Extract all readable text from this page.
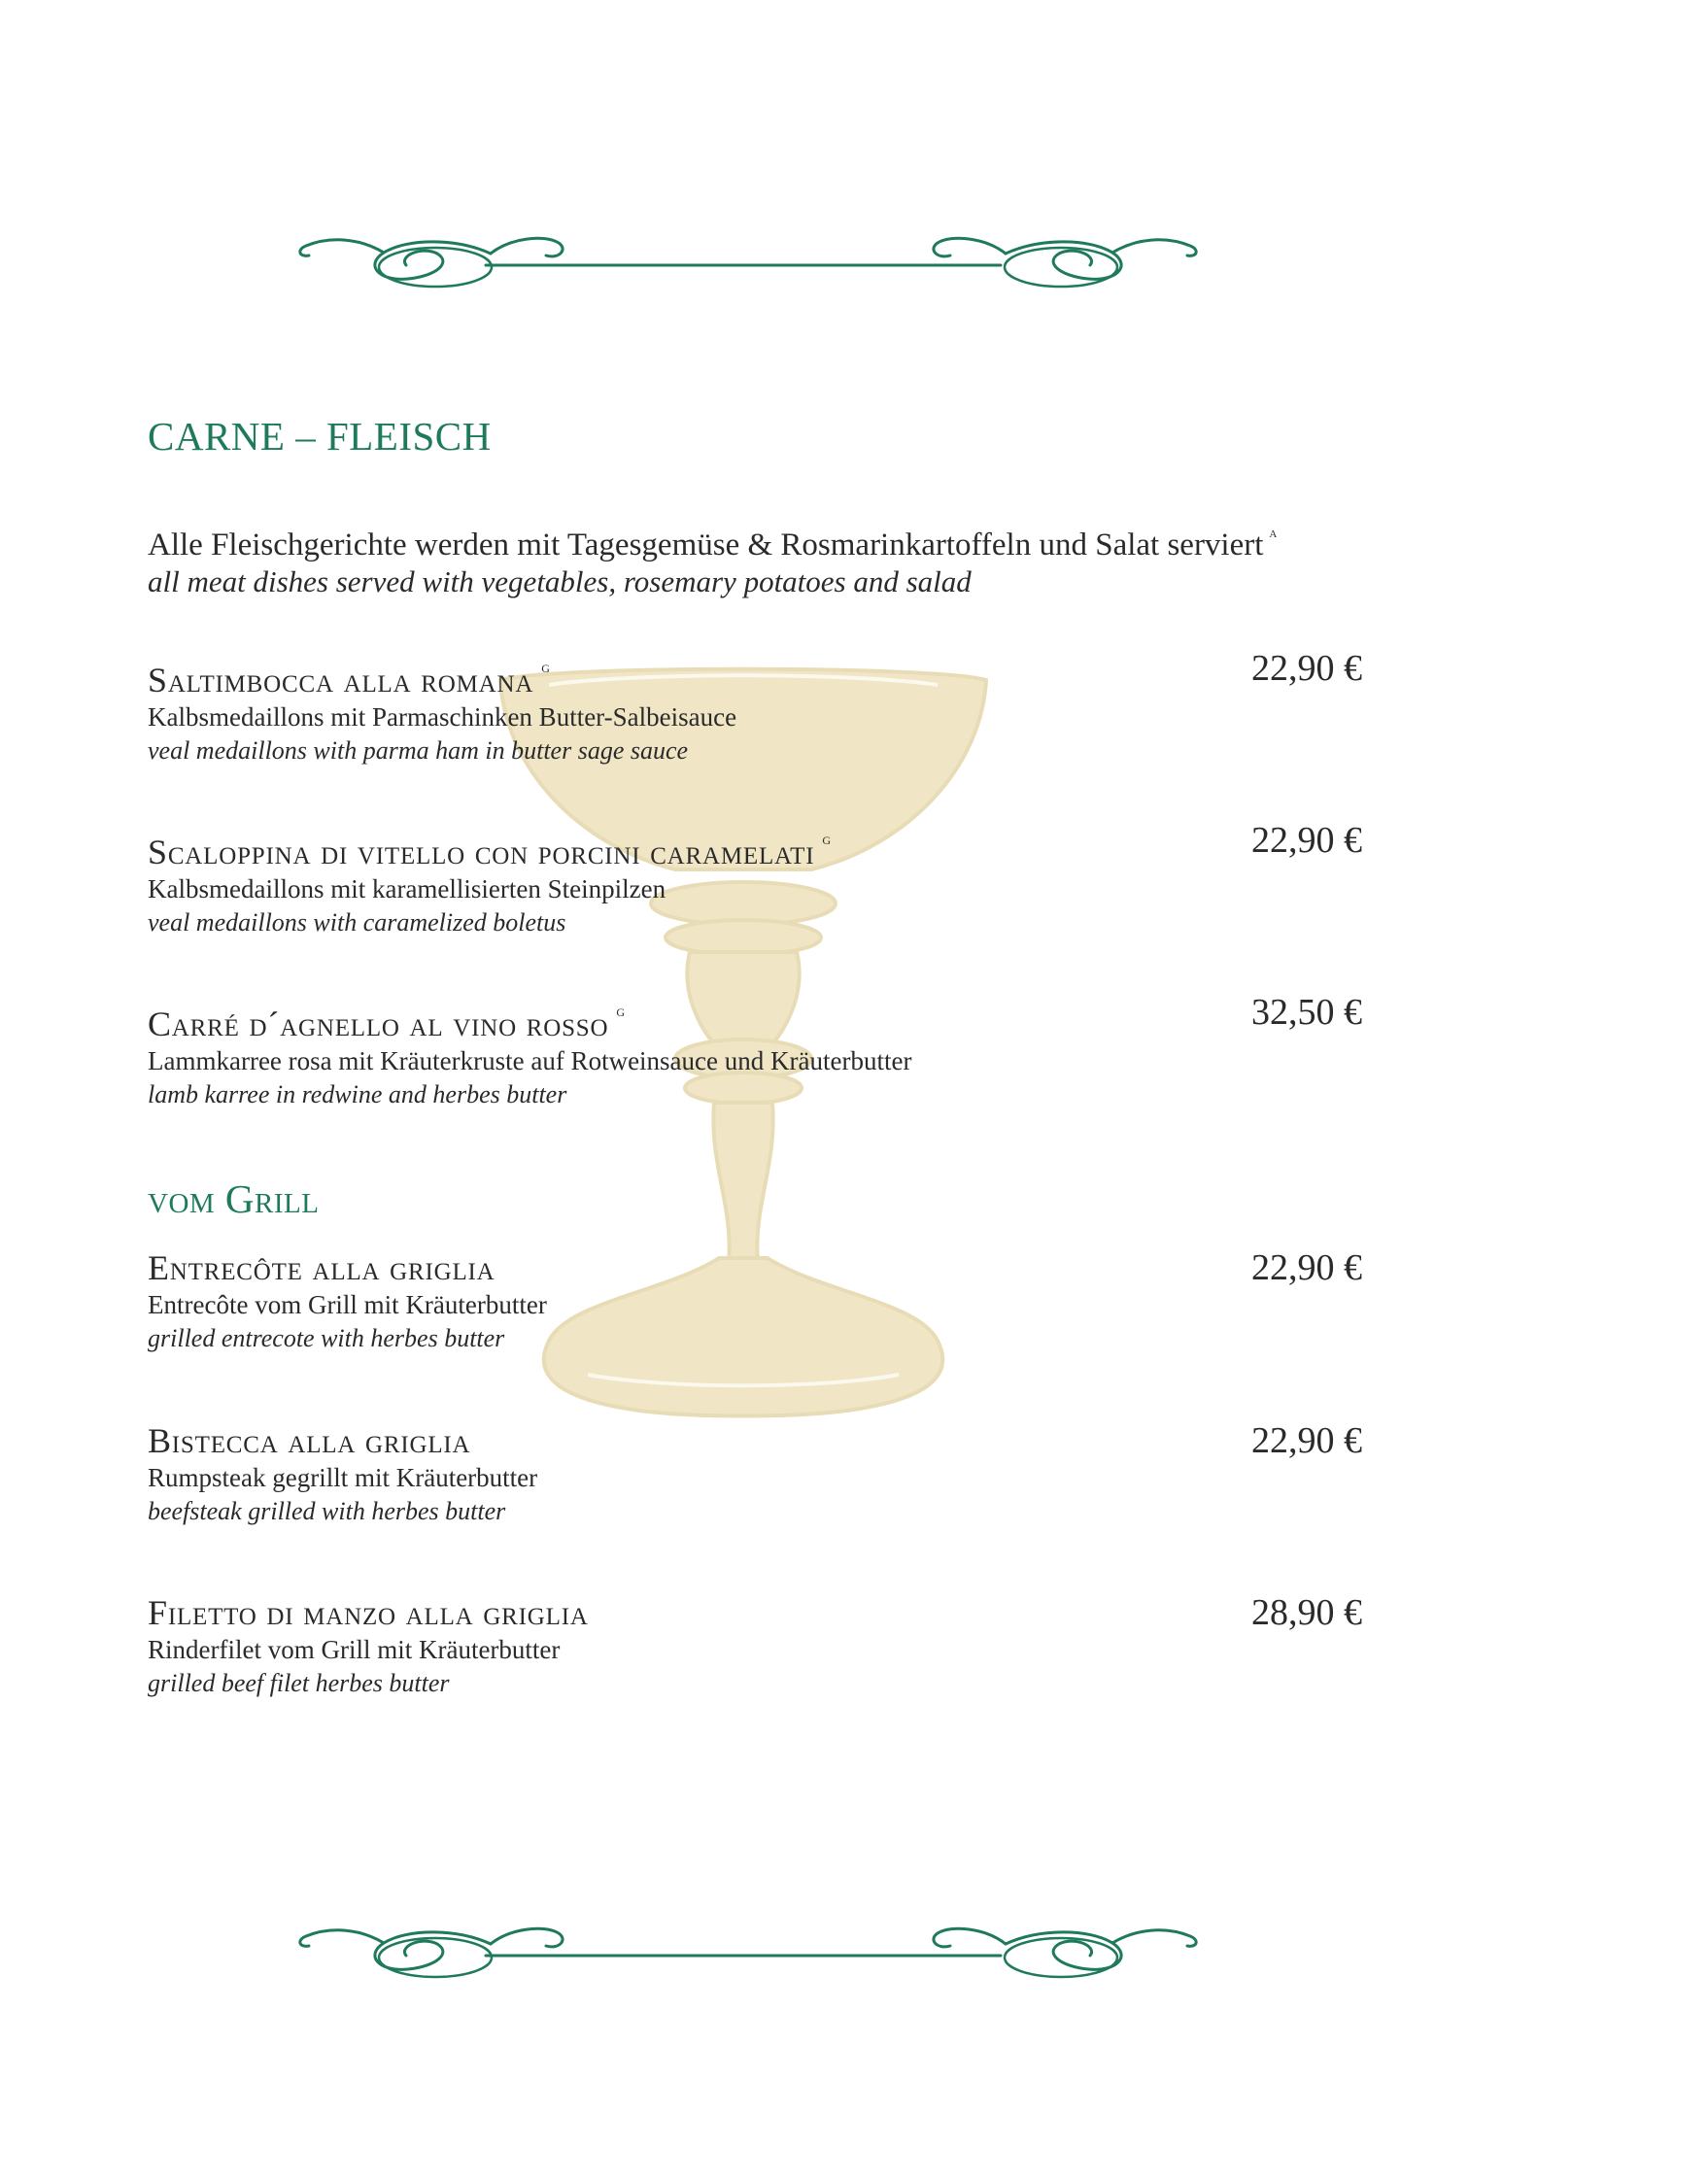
CARNE – FLEISCH
Alle Fleischgerichte werden mit Tagesgemüse & Rosmarinkartoffeln und Salat serviert $^A$
all meat dishes served with vegetables, rosemary potatoes and salad
Saltimbocca alla romana $^G$
Kalbsmedaillons mit Parmaschinken Butter-Salbeisauce
veal medaillons with parma ham in butter sage sauce
22,90 €
Scaloppina di vitello con porcini caramelati $^G$
Kalbsmedaillons mit karamellisierten Steinpilzen
veal medaillons with caramelized boletus
22,90 €
Carré d´agnello al vino rosso $^G$
Lammkarree rosa mit Kräuterkruste auf Rotweinsauce und Kräuterbutter
lamb karree in redwine and herbes butter
32,50 €
vom Grill
Entrecôte alla griglia
Entrecôte vom Grill mit Kräuterbutter
grilled entrecote with herbes butter
22,90 €
Bistecca alla griglia
Rumpsteak gegrillt mit Kräuterbutter
beefsteak grilled with herbes butter
22,90 €
Filetto di manzo alla griglia
Rinderfilet vom Grill mit Kräuterbutter
grilled beef filet herbes butter
28,90 €
